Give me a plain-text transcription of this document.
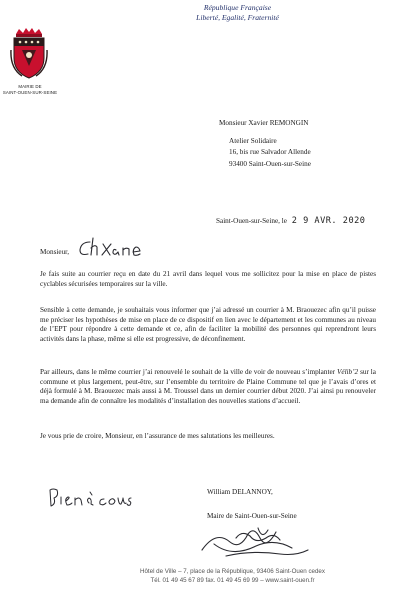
République Française
Liberté, Egalité, Fraternité
MAIRIE DE
SAINT-OUEN-SUR-SEINE
Monsieur Xavier REMONGIN
Atelier Solidaire
16, bis rue Salvador Allende
93400 Saint-Ouen-sur-Seine
Saint-Ouen-sur-Seine, le 2 9 AVR. 2020
Monsieur,
Je fais suite au courrier reçu en date du 21 avril dans lequel vous me sollicitez pour la mise en place de pistes cyclables sécurisées temporaires sur la ville.
Sensible à cette demande, je souhaitais vous informer que j’ai adressé un courrier à M. Braouezec afin qu’il puisse me préciser les hypothèses de mise en place de ce dispositif en lien avec le département et les communes au niveau de l’EPT pour répondre à cette demande et ce, afin de faciliter la mobilité des personnes qui reprendront leurs activités dans la phase, même si elle est progressive, de déconfinement.
Par ailleurs, dans le même courrier j’ai renouvelé le souhait de la ville de voir de nouveau s’implanter Vélib’2 sur la commune et plus largement, peut-être, sur l’ensemble du territoire de Plaine Commune tel que je l’avais d’ores et déjà formulé à M. Braouezec mais aussi à M. Troussel dans un dernier courrier début 2020. J’ai ainsi pu renouveler ma demande afin de connaître les modalités d’installation des nouvelles stations d’accueil.
Je vous prie de croire, Monsieur, en l’assurance de mes salutations les meilleures.
William DELANNOY,
Maire de Saint-Ouen-sur-Seine
Hôtel de Ville – 7, place de la République, 93406 Saint-Ouen cedex
Tél. 01 49 45 67 89 fax. 01 49 45 69 99 – www.saint-ouen.fr
